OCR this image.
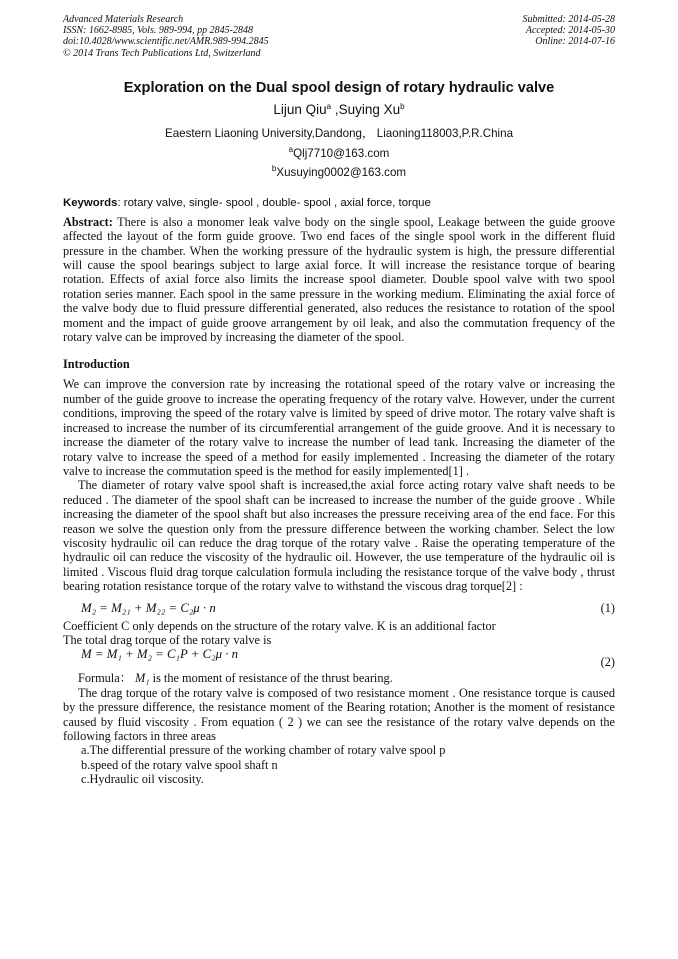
Advanced Materials Research
ISSN: 1662-8985, Vols. 989-994, pp 2845-2848
doi:10.4028/www.scientific.net/AMR.989-994.2845
© 2014 Trans Tech Publications Ltd, Switzerland
Submitted: 2014-05-28
Accepted: 2014-05-30
Online: 2014-07-16
Exploration on the Dual spool design of rotary hydraulic valve
Lijun Qiu$^a$ ,Suying Xu$^b$
Eaestern Liaoning University,Dandong， Liaoning118003,P.R.China
$^a$Qlj7710@163.com
$^b$Xusuying0002@163.com
Keywords: rotary valve, single- spool , double- spool , axial force, torque

Abstract: There is also a monomer leak valve body on the single spool, Leakage between the guide groove affected the layout of the form guide groove. Two end faces of the single spool work in the different fluid pressure in the chamber. When the working pressure of the hydraulic system is high, the pressure differential will cause the spool bearings subject to large axial force. It will increase the resistance torque of bearing rotation. Effects of axial force also limits the increase spool diameter. Double spool valve with two spool rotation series manner. Each spool in the same pressure in the working medium. Eliminating the axial force of the valve body due to fluid pressure differential generated, also reduces the resistance to rotation of the spool moment and the impact of guide groove arrangement by oil leak, and also the commutation frequency of the rotary valve can be improved by increasing the diameter of the spool.

Introduction

We can improve the conversion rate by increasing the rotational speed of the rotary valve or increasing the number of the guide groove to increase the operating frequency of the rotary valve. However, under the current conditions, improving the speed of the rotary valve is limited by speed of drive motor. The rotary valve shaft is increased to increase the number of its circumferential arrangement of the guide groove. And it is necessary to increase the diameter of the rotary valve to increase the number of lead tank. Increasing the diameter of the rotary valve to increase the speed of a method for easily implemented . Increasing the diameter of the rotary valve to increase the commutation speed is the method for easily implemented[1] .

The diameter of rotary valve spool shaft is increased,the axial force acting rotary valve shaft needs to be reduced . The diameter of the spool shaft can be increased to increase the number of the guide groove . While increasing the diameter of the spool shaft but also increases the pressure receiving area of the end face. For this reason we solve the question only from the pressure difference between the working chamber. Select the low viscosity hydraulic oil can reduce the drag torque of the rotary valve . Raise the operating temperature of the hydraulic oil can reduce the viscosity of the hydraulic oil. However, the use temperature of the hydraulic oil is limited . Viscous fluid drag torque calculation formula including the resistance torque of the valve body , thrust bearing rotation resistance torque of the rotary valve to withstand the viscous drag torque[2] :

M₂ = M₂₁ + M₂₂ = C₂μ · n	(1)

Coefficient C only depends on the structure of the rotary valve. K is an additional factor

The total drag torque of the rotary valve is

M = M₁ + M₂ = C₁P + C₂μ · n
(2)

Formula： M₁ is the moment of resistance of the thrust bearing.

The drag torque of the rotary valve is composed of two resistance moment . One resistance torque is caused by the pressure difference, the resistance moment of the Bearing rotation; Another is the moment of resistance caused by fluid viscosity . From equation ( 2 ) we can see the resistance of the rotary valve depends on the following factors in three areas

a.The differential pressure of the working chamber of rotary valve spool p

b.speed of the rotary valve spool shaft n

c.Hydraulic oil viscosity.
